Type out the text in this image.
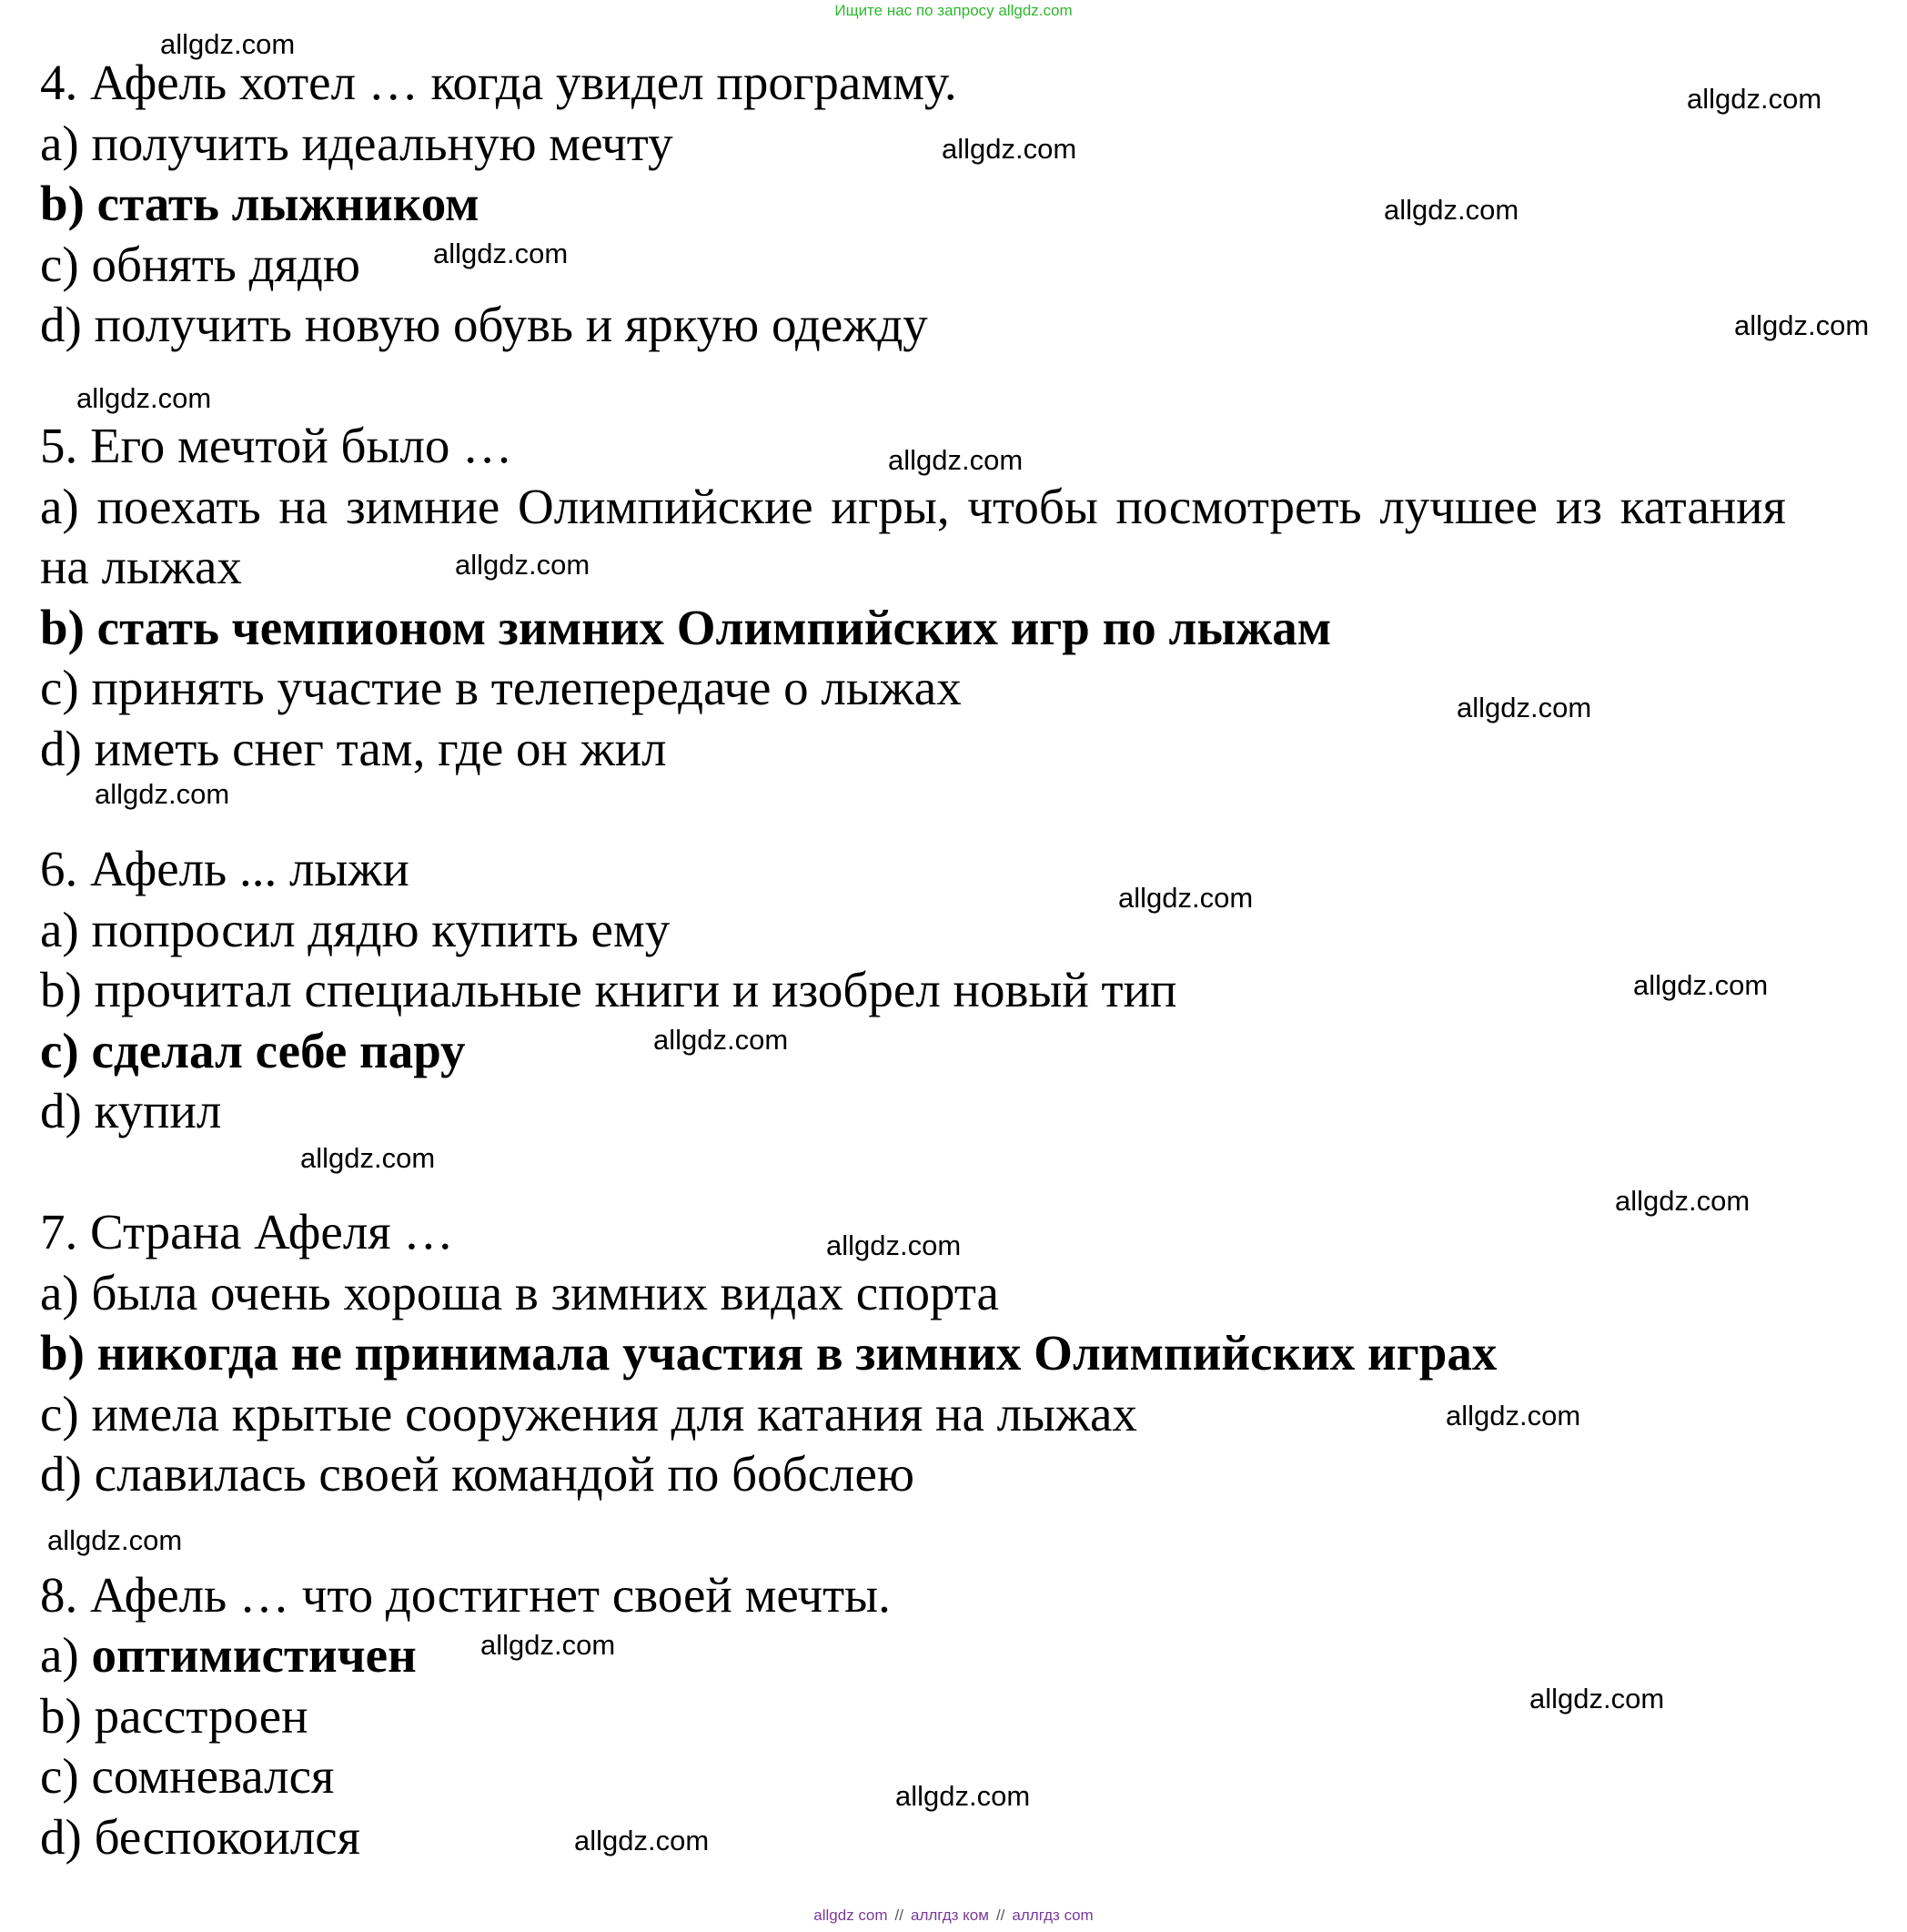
Ищите нас по запросу allgdz.com
4. Афель хотел … когда увидел программу.
a) получить идеальную мечту
b) стать лыжником
c) обнять дядю
d) получить новую обувь и яркую одежду
5. Его мечтой было …
a) поехать на зимние Олимпийские игры, чтобы посмотреть лучшее из катания
на лыжах
b) стать чемпионом зимних Олимпийских игр по лыжам
c) принять участие в телепередаче о лыжах
d) иметь снег там, где он жил
6. Афель ... лыжи
a) попросил дядю купить ему
b) прочитал специальные книги и изобрел новый тип
c) сделал себе пару
d) купил
7. Страна Афеля …
a) была очень хороша в зимних видах спорта
b) никогда не принимала участия в зимних Олимпийских играх
c) имела крытые сооружения для катания на лыжах
d) славилась своей командой по бобслею
8. Афель … что достигнет своей мечты.
a) оптимистичен
b) расстроен
c) сомневался
d) беспокоился
allgdz.com
allgdz.com
allgdz.com
allgdz.com
allgdz.com
allgdz.com
allgdz.com
allgdz.com
allgdz.com
allgdz.com
allgdz.com
allgdz.com
allgdz.com
allgdz.com
allgdz.com
allgdz.com
allgdz.com
allgdz.com
allgdz.com
allgdz.com
allgdz.com
allgdz.com
allgdz.com
allgdz com // аллгдз ком // аллгдз com
